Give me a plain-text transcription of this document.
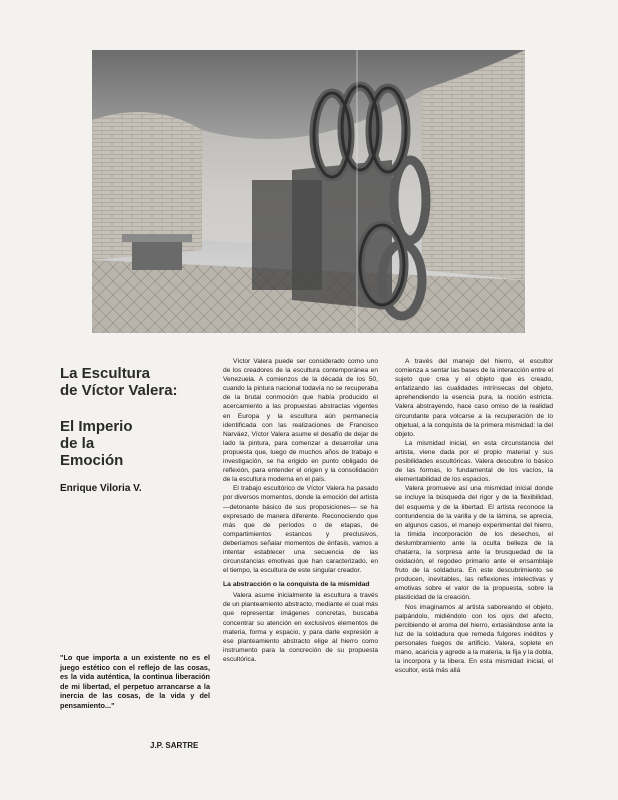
La Escultura
de Víctor Valera:
El Imperio
de la
Emoción
Enrique Viloria V.

Víctor Valera puede ser considerado como uno de los creadores de la escultura contemporánea en Venezuela. A comienzos de la década de los 50, cuando la pintura nacional todavía no se recuperaba de la brutal conmoción que había producido el acercamiento a las propuestas abstractas vigentes en Europa y la escultura aún permanecía identificada con las realizaciones de Francisco Narváez, Víctor Valera asume el desafío de dejar de lado la pintura, para comenzar a desarrollar una propuesta que, luego de muchos años de trabajo e investigación, se ha erigido en punto obligado de reflexión, para entender el origen y la consolidación de la escultura moderna en el país.

El trabajo escultórico de Víctor Valera ha pasado por diversos momentos, donde la emoción del artista —detonante básico de sus proposiciones— se ha expresado de manera diferente. Reconociendo que más que de períodos o de etapas, de compartimientos estancos y preclusivos, deberíamos señalar momentos de énfasis, vamos a intentar establecer una secuencia de las circunstancias emotivas que han caracterizado, en el tiempo, la escultura de este singular creador.

La abstracción o la conquista de la mismidad

Valera asume inicialmente la escultura a través de un planteamiento abstracto, mediante el cual más que representar imágenes concretas, buscaba concentrar su atención en exclusivos elementos de materia, forma y espacio, y para darle expresión a ese planteamiento abstracto elige al hierro como instrumento para la concreción de su propuesta escultórica.

A través del manejo del hierro, el escultor comienza a sentar las bases de la interacción entre el sujeto que crea y el objeto que es creado, enfatizando las cualidades intrínsecas del objeto, aprehendiendo la esencia pura, la noción estricta. Valera abstrayendo, hace caso omiso de la realidad circundante para volcarse a la recuperación de lo objetual, a la conquista de la primera mismidad: la del objeto.

La mismidad inicial, en esta circunstancia del artista, viene dada por el propio material y sus posibilidades escultóricas. Valera descubre lo básico de las formas, lo fundamental de los vacíos, la elementabilidad de los espacios.

Valera promueve así una mismidad inicial donde se incluye la búsqueda del rigor y de la flexibilidad, del esquema y de la libertad. El artista reconoce la contundencia de la varilla y de la lámina, se aprecia, en algunos casos, el manejo experimental del hierro, la tímida incorporación de los desechos, el deslumbramiento ante la oculta belleza de la chatarra, la sorpresa ante la brusquedad de la oxidación, el regodeo primario ante el ensamblaje fruto de la soldadura. En este descubrimiento se producen, inevitables, las reflexiones intelectivas y emotivas sobre el valor de la propuesta, sobre la plasticidad de la creación.

Nos imaginamos al artista saboreando el objeto, palpándolo, midiéndolo con los ojos del afecto, percibiendo el aroma del hierro, extasiándose ante la luz de la soldadura que remeda fulgores inéditos y personales fuegos de artificio. Valera, soplete en mano, acaricia y agrede a la materia, la fija y la dobla, la incorpora y la libera. En esta mismidad inicial, el escultor, está más allá

"Lo que importa a un existente no es el juego estético con el reflejo de las cosas, es la vida auténtica, la continua liberación de mi libertad, el perpetuo arrancarse a la inercia de las cosas, de la vida y del pensamiento..."
J.P. SARTRE
